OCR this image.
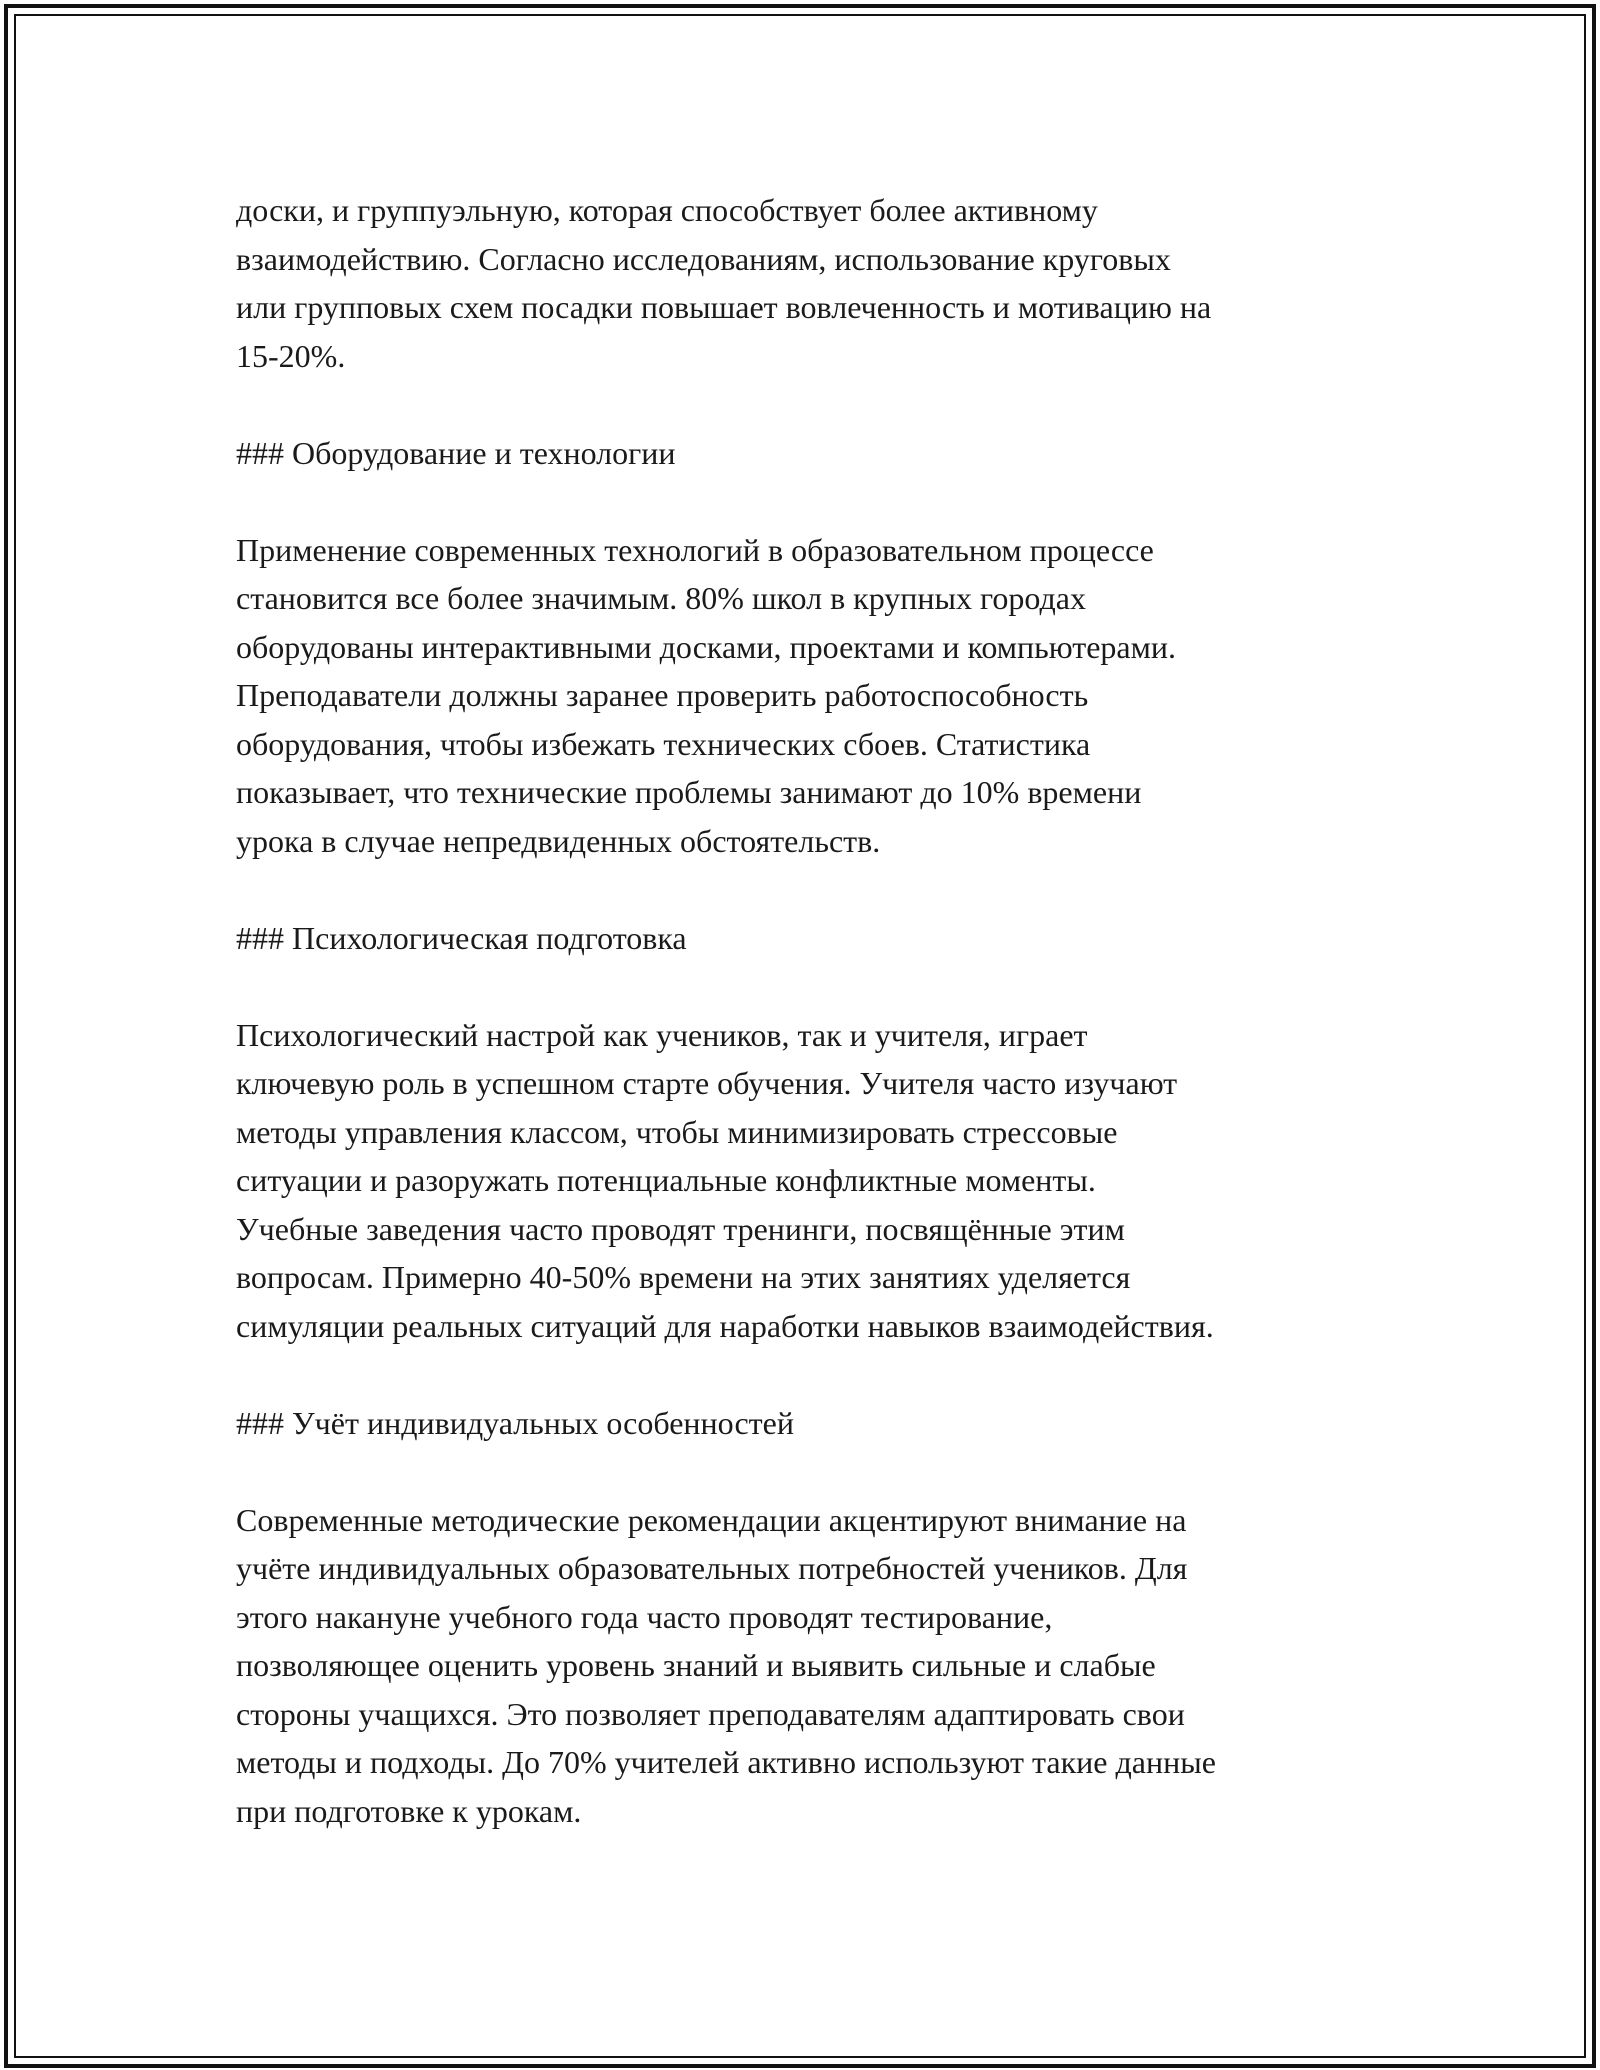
доски, и группуэльную, которая способствует более активному
взаимодействию. Согласно исследованиям, использование круговых
или групповых схем посадки повышает вовлеченность и мотивацию на
15-20%.

### Оборудование и технологии

Применение современных технологий в образовательном процессе
становится все более значимым. 80% школ в крупных городах
оборудованы интерактивными досками, проектами и компьютерами.
Преподаватели должны заранее проверить работоспособность
оборудования, чтобы избежать технических сбоев. Статистика
показывает, что технические проблемы занимают до 10% времени
урока в случае непредвиденных обстоятельств.

### Психологическая подготовка

Психологический настрой как учеников, так и учителя, играет
ключевую роль в успешном старте обучения. Учителя часто изучают
методы управления классом, чтобы минимизировать стрессовые
ситуации и разоружать потенциальные конфликтные моменты.
Учебные заведения часто проводят тренинги, посвящённые этим
вопросам. Примерно 40-50% времени на этих занятиях уделяется
симуляции реальных ситуаций для наработки навыков взаимодействия.

### Учёт индивидуальных особенностей

Современные методические рекомендации акцентируют внимание на
учёте индивидуальных образовательных потребностей учеников. Для
этого накануне учебного года часто проводят тестирование,
позволяющее оценить уровень знаний и выявить сильные и слабые
стороны учащихся. Это позволяет преподавателям адаптировать свои
методы и подходы. До 70% учителей активно используют такие данные
при подготовке к урокам.
